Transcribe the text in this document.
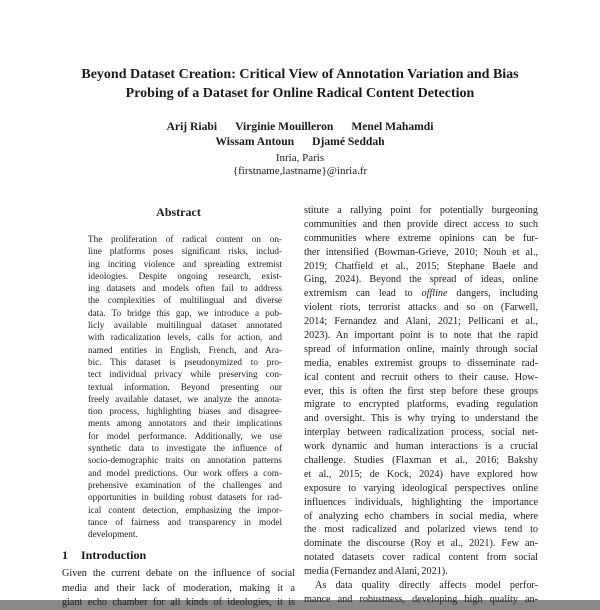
Beyond Dataset Creation: Critical View of Annotation Variation and Bias
Probing of a Dataset for Online Radical Content Detection
Arij Riabi Virginie Mouilleron Menel Mahamdi
Wissam Antoun Djamé Seddah
Inria, Paris
{firstname,lastname}@inria.fr
Abstract
The proliferation of radical content on on-
line platforms poses significant risks, includ-
ing inciting violence and spreading extremist
ideologies. Despite ongoing research, exist-
ing datasets and models often fail to address
the complexities of multilingual and diverse
data. To bridge this gap, we introduce a pub-
licly available multilingual dataset annotated
with radicalization levels, calls for action, and
named entities in English, French, and Ara-
bic. This dataset is pseudonymized to pro-
tect individual privacy while preserving con-
textual information. Beyond presenting our
freely available dataset, we analyze the annota-
tion process, highlighting biases and disagree-
ments among annotators and their implications
for model performance. Additionally, we use
synthetic data to investigate the influence of
socio-demographic traits on annotation patterns
and model predictions. Our work offers a com-
prehensive examination of the challenges and
opportunities in building robust datasets for rad-
ical content detection, emphasizing the impor-
tance of fairness and transparency in model
development.
1 Introduction
Given the current debate on the influence of social
media and their lack of moderation, making it a
giant echo chamber for all kinds of ideologies, it is
stitute a rallying point for potentially burgeoning
communities and then provide direct access to such
communities where extreme opinions can be fur-
ther intensified (Bowman-Grieve, 2010; Nouh et al.,
2019; Chatfield et al., 2015; Stephane Baele and
Ging, 2024). Beyond the spread of ideas, online
extremism can lead to offline dangers, including
violent riots, terrorist attacks and so on (Farwell,
2014; Fernandez and Alani, 2021; Pellicani et al.,
2023). An important point is to note that the rapid
spread of information online, mainly through social
media, enables extremist groups to disseminate rad-
ical content and recruit others to their cause. How-
ever, this is often the first step before these groups
migrate to encrypted platforms, evading regulation
and oversight. This is why trying to understand the
interplay between radicalization process, social net-
work dynamic and human interactions is a crucial
challenge. Studies (Flaxman et al., 2016; Bakshy
et al., 2015; de Kock, 2024) have explored how
exposure to varying ideological perspectives online
influences individuals, highlighting the importance
of analyzing echo chambers in social media, where
the most radicalized and polarized views tend to
dominate the discourse (Roy et al., 2021). Few an-
notated datasets cover radical content from social
media (Fernandez and Alani, 2021).
As data quality directly affects model perfor-
mance and robustness, developing high quality an-
